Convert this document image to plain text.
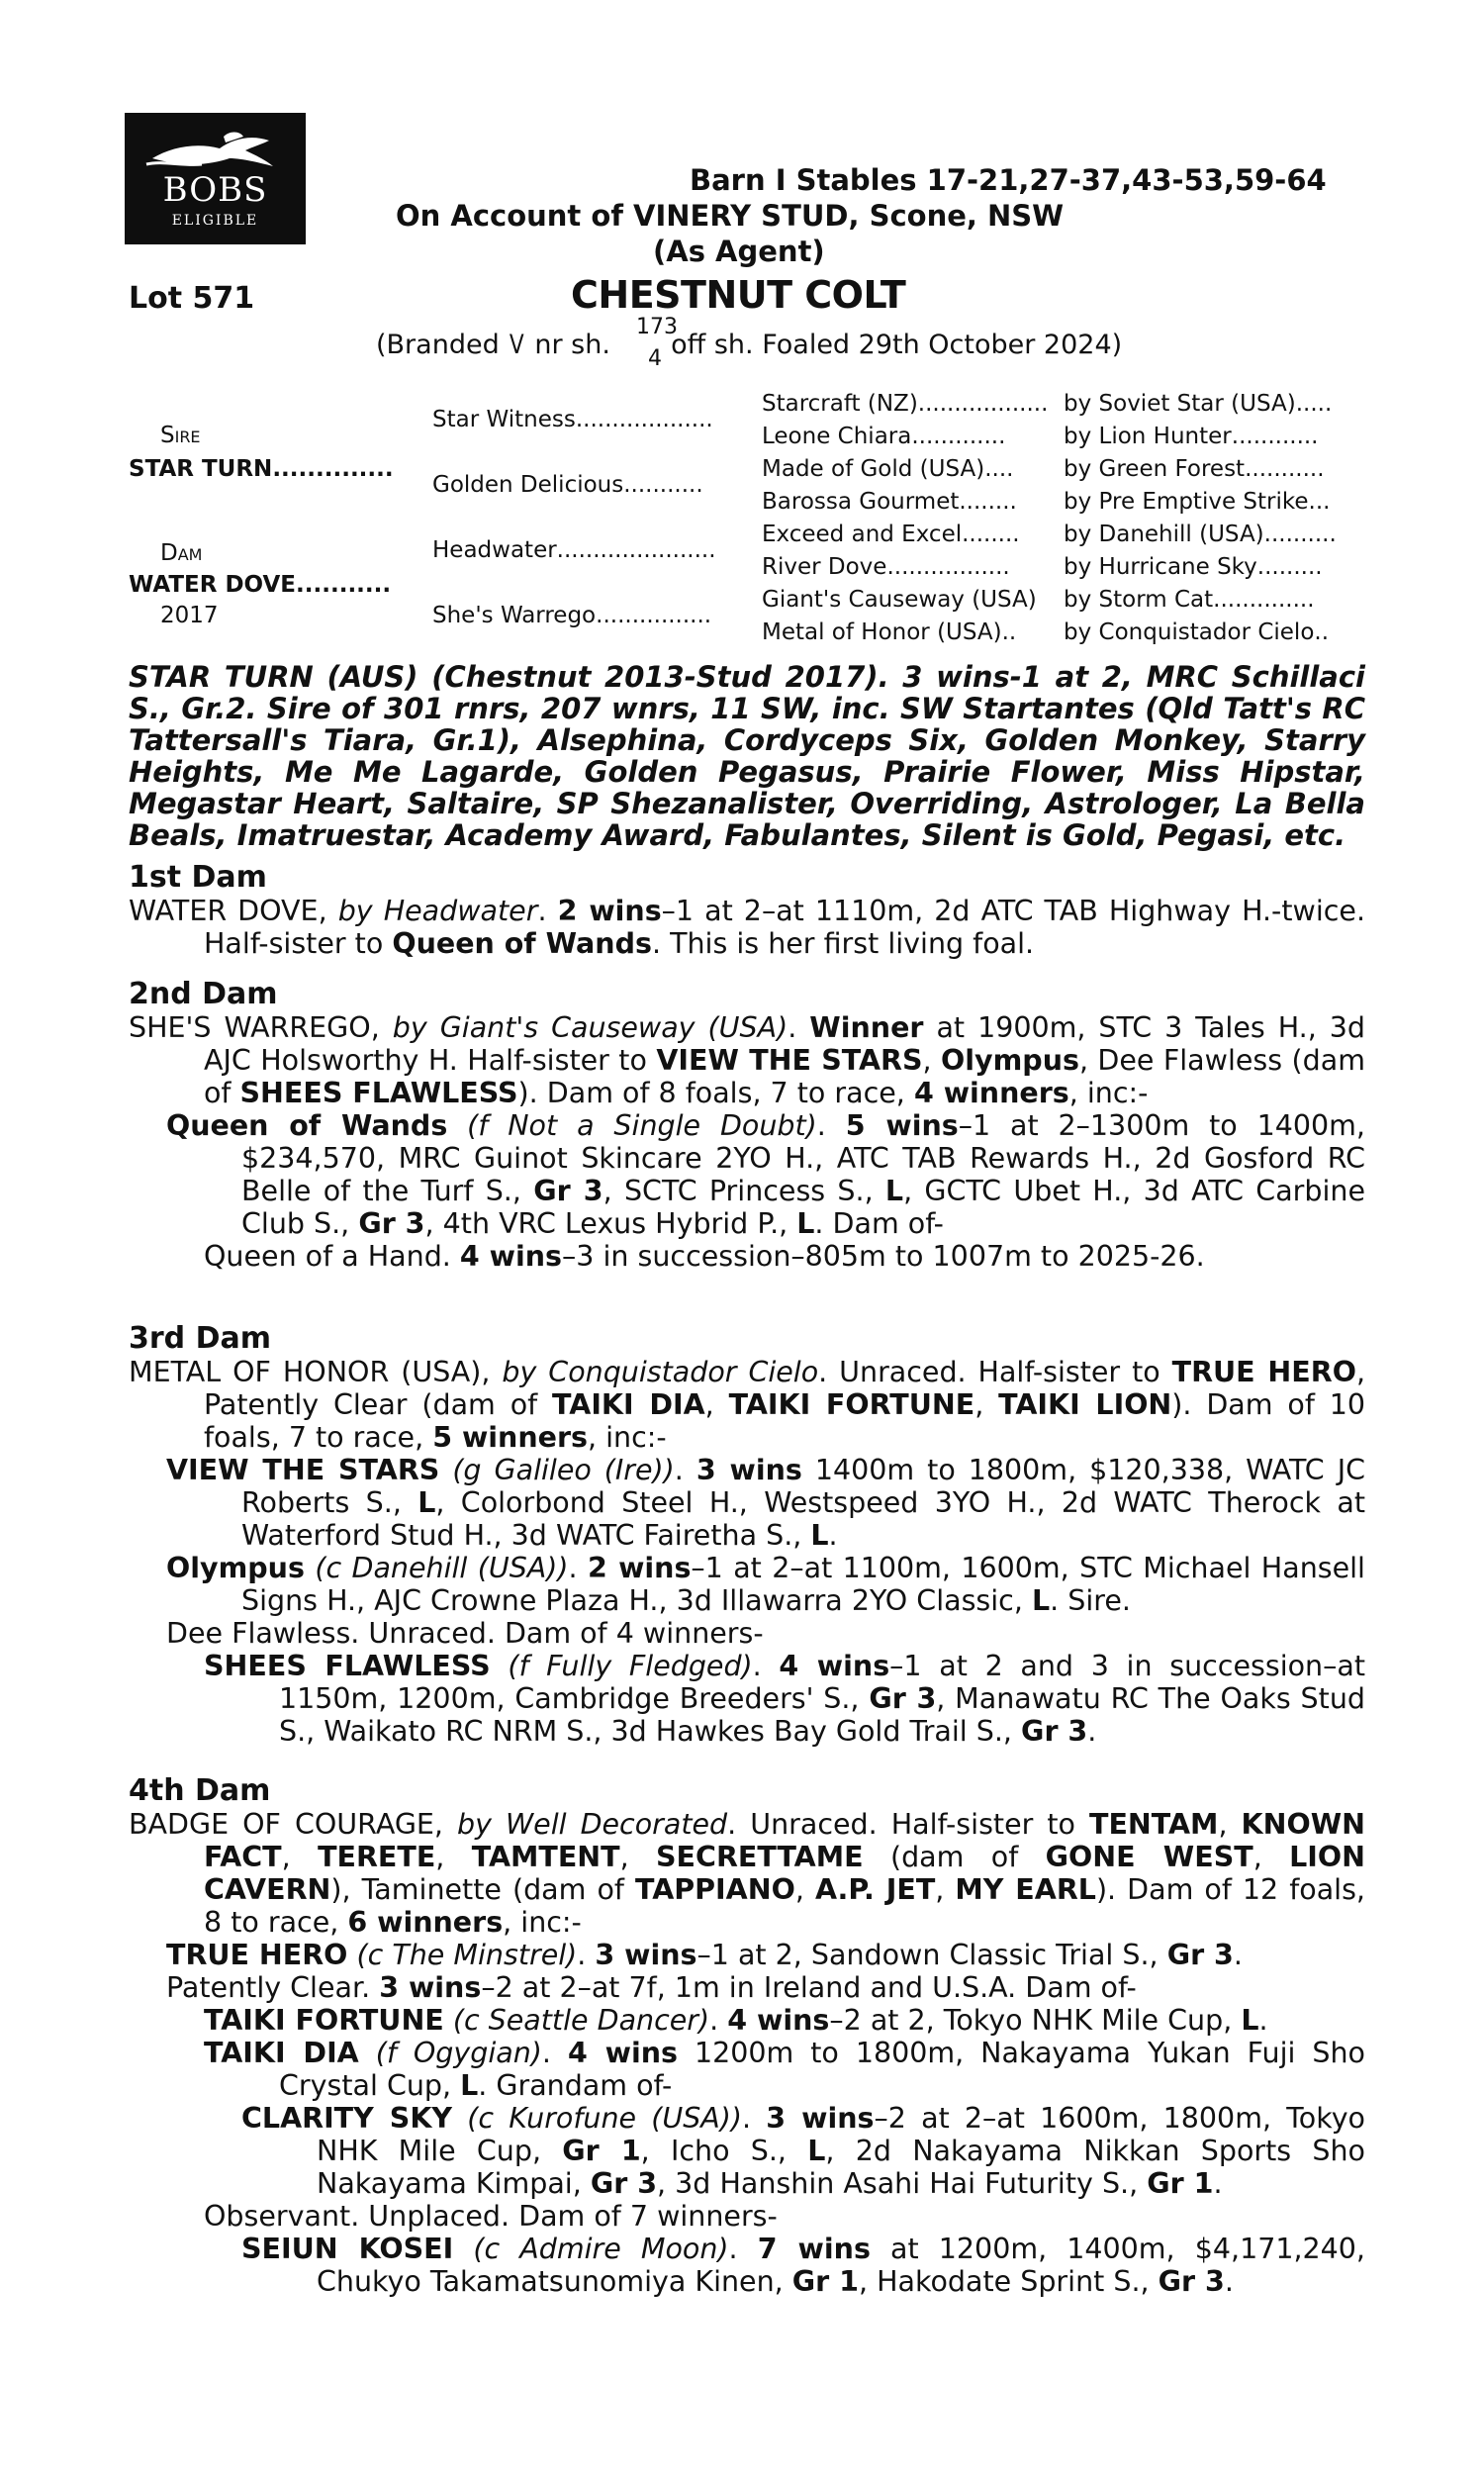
BOBS
ELIGIBLE
Barn I Stables 17-21,27-37,43-53,59-64
On Account of VINERY STUD, Scone, NSW
(As Agent)
Lot 571	CHESTNUT COLT
(Branded V nr sh. off sh. Foaled 29th October 2024)
173
4
Sire
STAR TURN..............
Dam
WATER DOVE...........
2017
Star Witness...................
Golden Delicious...........
Headwater......................
She's Warrego................
Starcraft (NZ)..................
Leone Chiara.............
Made of Gold (USA)....
Barossa Gourmet........
Exceed and Excel........
River Dove.................
Giant's Causeway (USA)
Metal of Honor (USA)..
by Soviet Star (USA).....
by Lion Hunter............
by Green Forest...........
by Pre Emptive Strike...
by Danehill (USA)..........
by Hurricane Sky.........
by Storm Cat..............
by Conquistador Cielo..
STAR TURN (AUS) (Chestnut 2013-Stud 2017). 3 wins-1 at 2, MRC Schillaci S., Gr.2. Sire of 301 rnrs, 207 wnrs, 11 SW, inc. SW Startantes (Qld Tatt's RC Tattersall's Tiara, Gr.1), Alsephina, Cordyceps Six, Golden Monkey, Starry Heights, Me Me Lagarde, Golden Pegasus, Prairie Flower, Miss Hipstar, Megastar Heart, Saltaire, SP Shezanalister, Overriding, Astrologer, La Bella Beals, Imatruestar, Academy Award, Fabulantes, Silent is Gold, Pegasi, etc.
1st Dam
WATER DOVE, by Headwater. 2 wins–1 at 2–at 1110m, 2d ATC TAB Highway H.-twice. Half-sister to Queen of Wands. This is her first living foal.
2nd Dam
SHE'S WARREGO, by Giant's Causeway (USA). Winner at 1900m, STC 3 Tales H., 3d AJC Holsworthy H. Half-sister to VIEW THE STARS, Olympus, Dee Flawless (dam of SHEES FLAWLESS). Dam of 8 foals, 7 to race, 4 winners, inc:-
Queen of Wands (f Not a Single Doubt). 5 wins–1 at 2–1300m to 1400m, $234,570, MRC Guinot Skincare 2YO H., ATC TAB Rewards H., 2d Gosford RC Belle of the Turf S., Gr 3, SCTC Princess S., L, GCTC Ubet H., 3d ATC Carbine Club S., Gr 3, 4th VRC Lexus Hybrid P., L. Dam of-
Queen of a Hand. 4 wins–3 in succession–805m to 1007m to 2025-26.
3rd Dam
METAL OF HONOR (USA), by Conquistador Cielo. Unraced. Half-sister to TRUE HERO, Patently Clear (dam of TAIKI DIA, TAIKI FORTUNE, TAIKI LION). Dam of 10 foals, 7 to race, 5 winners, inc:-
VIEW THE STARS (g Galileo (Ire)). 3 wins 1400m to 1800m, $120,338, WATC JC Roberts S., L, Colorbond Steel H., Westspeed 3YO H., 2d WATC Therock at Waterford Stud H., 3d WATC Fairetha S., L.
Olympus (c Danehill (USA)). 2 wins–1 at 2–at 1100m, 1600m, STC Michael Hansell Signs H., AJC Crowne Plaza H., 3d Illawarra 2YO Classic, L. Sire.
Dee Flawless. Unraced. Dam of 4 winners-
SHEES FLAWLESS (f Fully Fledged). 4 wins–1 at 2 and 3 in succession–at 1150m, 1200m, Cambridge Breeders' S., Gr 3, Manawatu RC The Oaks Stud S., Waikato RC NRM S., 3d Hawkes Bay Gold Trail S., Gr 3.
4th Dam
BADGE OF COURAGE, by Well Decorated. Unraced. Half-sister to TENTAM, KNOWN FACT, TERETE, TAMTENT, SECRETTAME (dam of GONE WEST, LION CAVERN), Taminette (dam of TAPPIANO, A.P. JET, MY EARL). Dam of 12 foals, 8 to race, 6 winners, inc:-
TRUE HERO (c The Minstrel). 3 wins–1 at 2, Sandown Classic Trial S., Gr 3.
Patently Clear. 3 wins–2 at 2–at 7f, 1m in Ireland and U.S.A. Dam of-
TAIKI FORTUNE (c Seattle Dancer). 4 wins–2 at 2, Tokyo NHK Mile Cup, L.
TAIKI DIA (f Ogygian). 4 wins 1200m to 1800m, Nakayama Yukan Fuji Sho Crystal Cup, L. Grandam of-
CLARITY SKY (c Kurofune (USA)). 3 wins–2 at 2–at 1600m, 1800m, Tokyo NHK Mile Cup, Gr 1, Icho S., L, 2d Nakayama Nikkan Sports Sho Nakayama Kimpai, Gr 3, 3d Hanshin Asahi Hai Futurity S., Gr 1.
Observant. Unplaced. Dam of 7 winners-
SEIUN KOSEI (c Admire Moon). 7 wins at 1200m, 1400m, $4,171,240, Chukyo Takamatsunomiya Kinen, Gr 1, Hakodate Sprint S., Gr 3.
